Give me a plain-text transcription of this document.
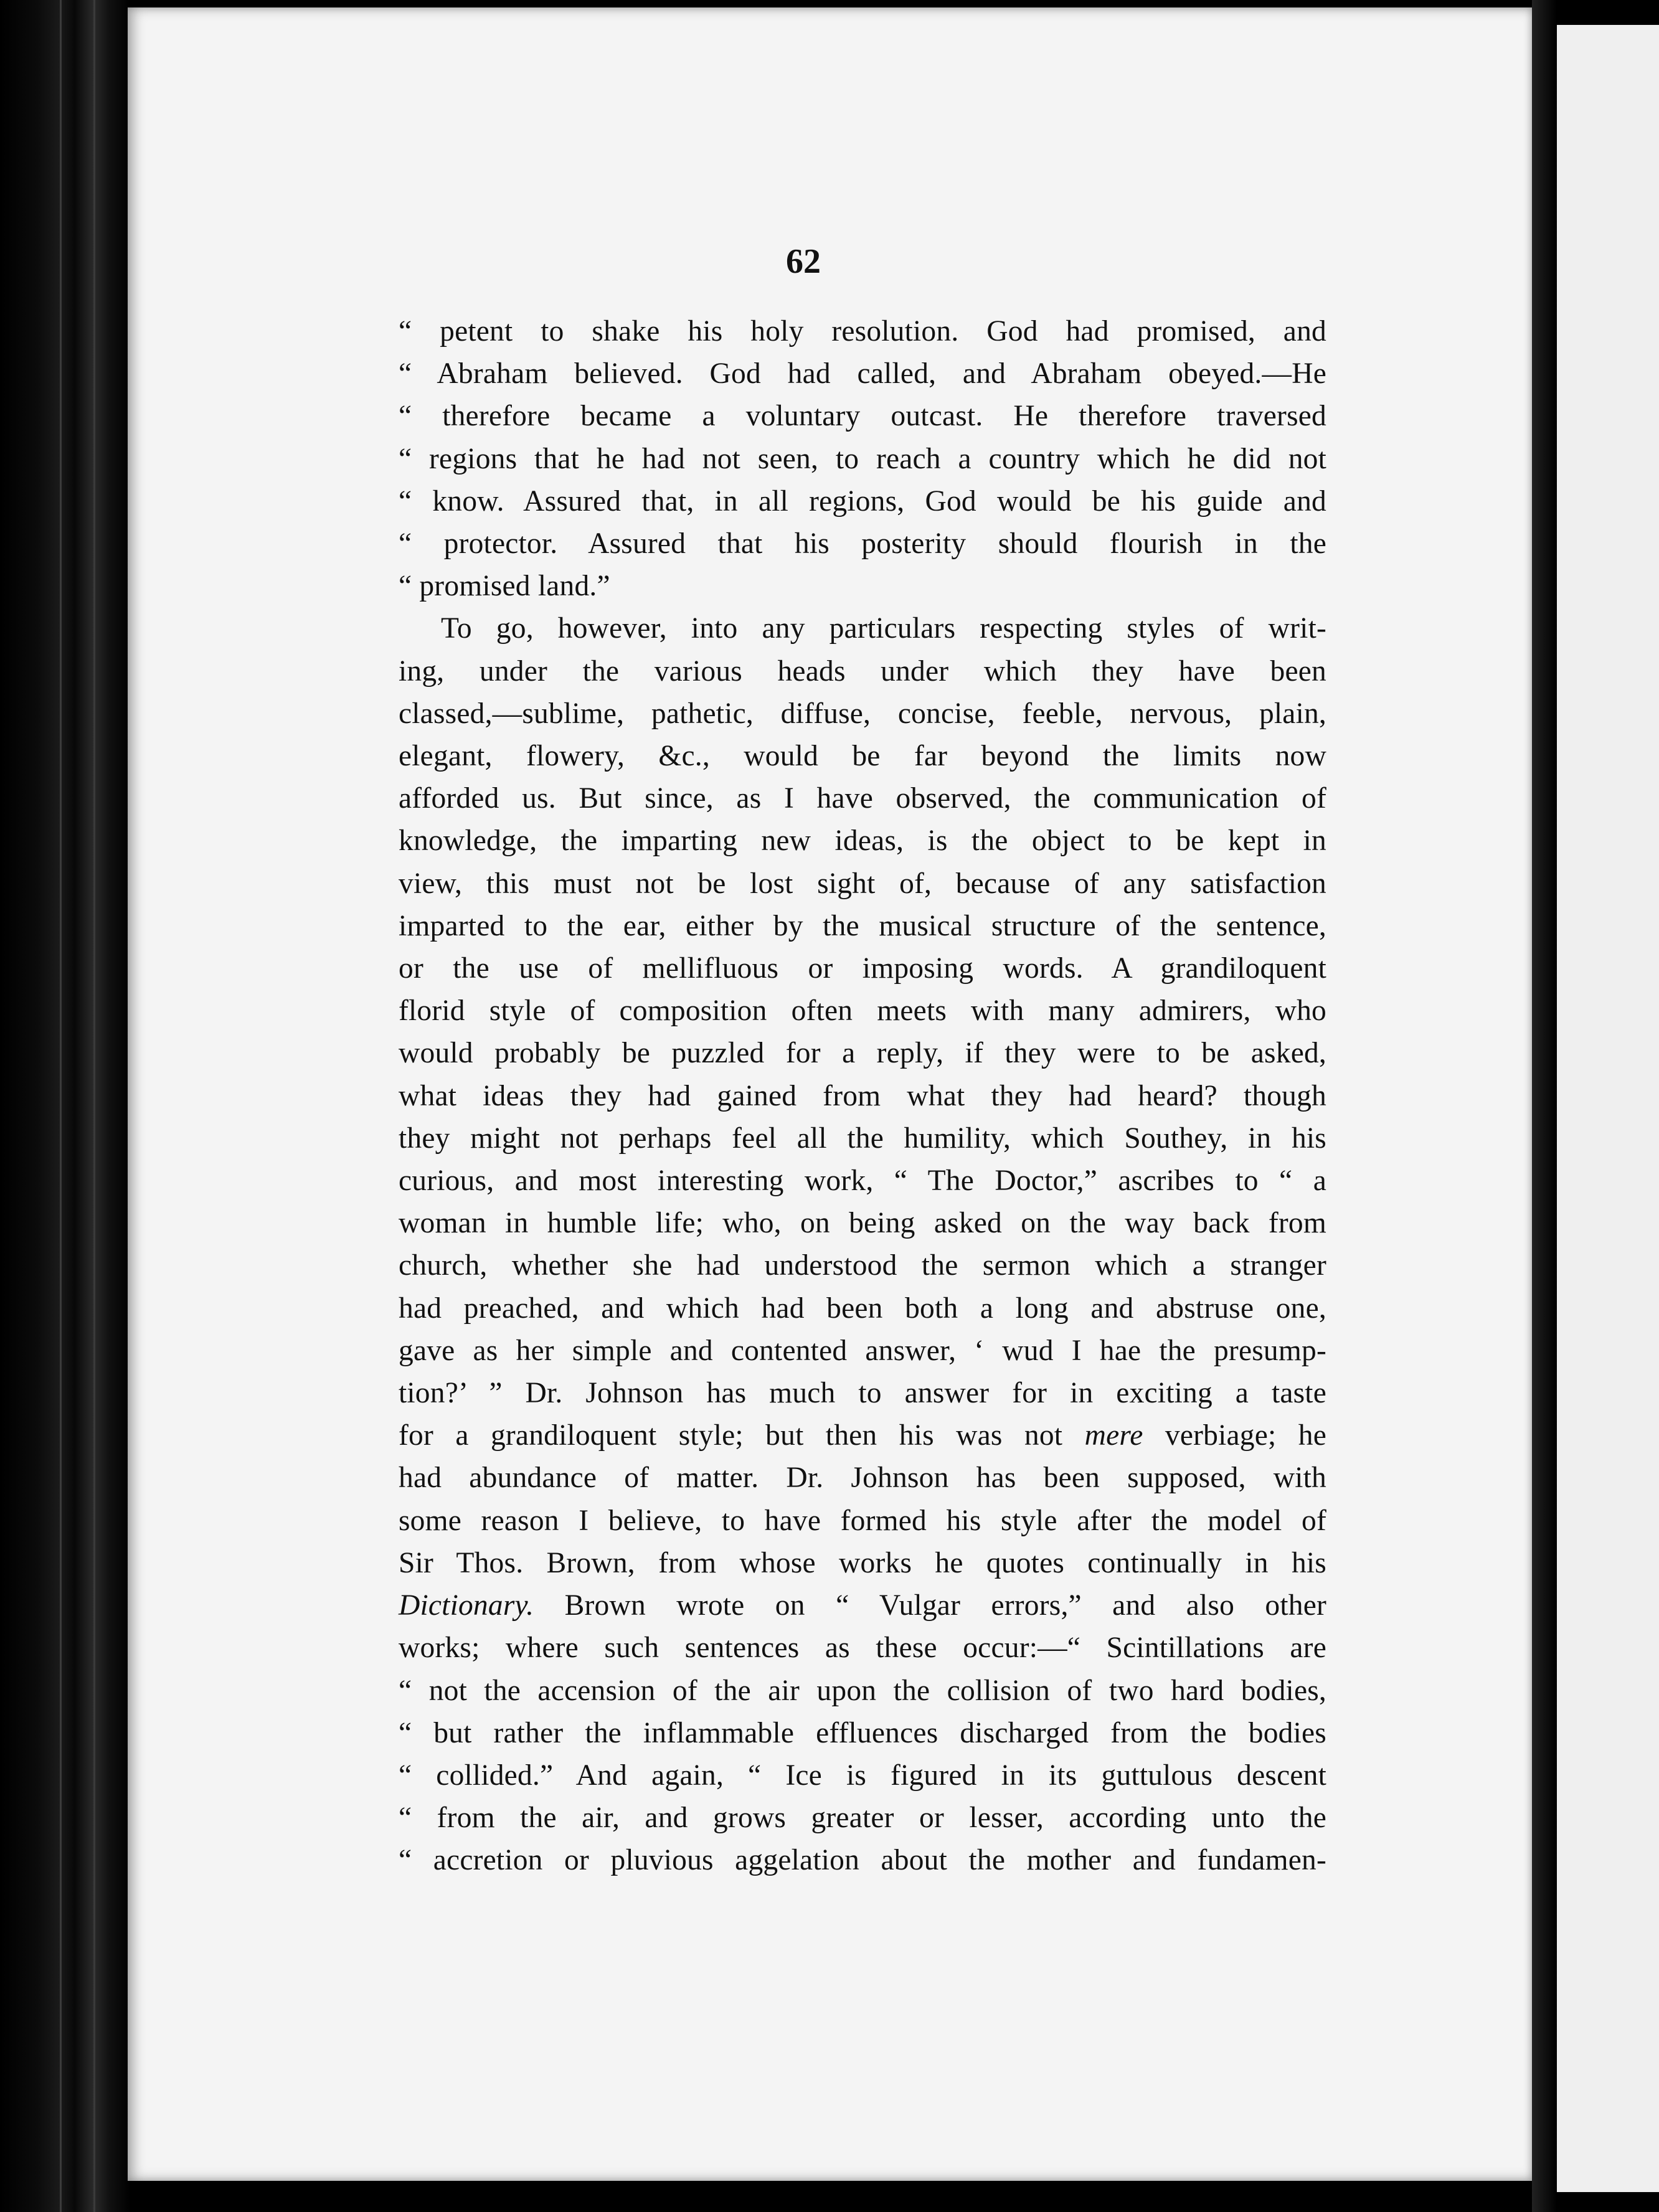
62
“ petent to shake his holy resolution. God had promised, and
“ Abraham believed. God had called, and Abraham obeyed.—He
“ therefore became a voluntary outcast. He therefore traversed
“ regions that he had not seen, to reach a country which he did not
“ know. Assured that, in all regions, God would be his guide and
“ protector. Assured that his posterity should flourish in the
“ promised land.”
To go, however, into any particulars respecting styles of writ-
ing, under the various heads under which they have been
classed,—sublime, pathetic, diffuse, concise, feeble, nervous, plain,
elegant, flowery, &c., would be far beyond the limits now
afforded us. But since, as I have observed, the communication of
knowledge, the imparting new ideas, is the object to be kept in
view, this must not be lost sight of, because of any satisfaction
imparted to the ear, either by the musical structure of the sentence,
or the use of mellifluous or imposing words. A grandiloquent
florid style of composition often meets with many admirers, who
would probably be puzzled for a reply, if they were to be asked,
what ideas they had gained from what they had heard? though
they might not perhaps feel all the humility, which Southey, in his
curious, and most interesting work, “ The Doctor,” ascribes to “ a
woman in humble life; who, on being asked on the way back from
church, whether she had understood the sermon which a stranger
had preached, and which had been both a long and abstruse one,
gave as her simple and contented answer, ‘ wud I hae the presump-
tion?’ ” Dr. Johnson has much to answer for in exciting a taste
for a grandiloquent style; but then his was not mere verbiage; he
had abundance of matter. Dr. Johnson has been supposed, with
some reason I believe, to have formed his style after the model of
Sir Thos. Brown, from whose works he quotes continually in his
Dictionary. Brown wrote on “ Vulgar errors,” and also other
works; where such sentences as these occur:—“ Scintillations are
“ not the accension of the air upon the collision of two hard bodies,
“ but rather the inflammable effluences discharged from the bodies
“ collided.” And again, “ Ice is figured in its guttulous descent
“ from the air, and grows greater or lesser, according unto the
“ accretion or pluvious aggelation about the mother and fundamen-
